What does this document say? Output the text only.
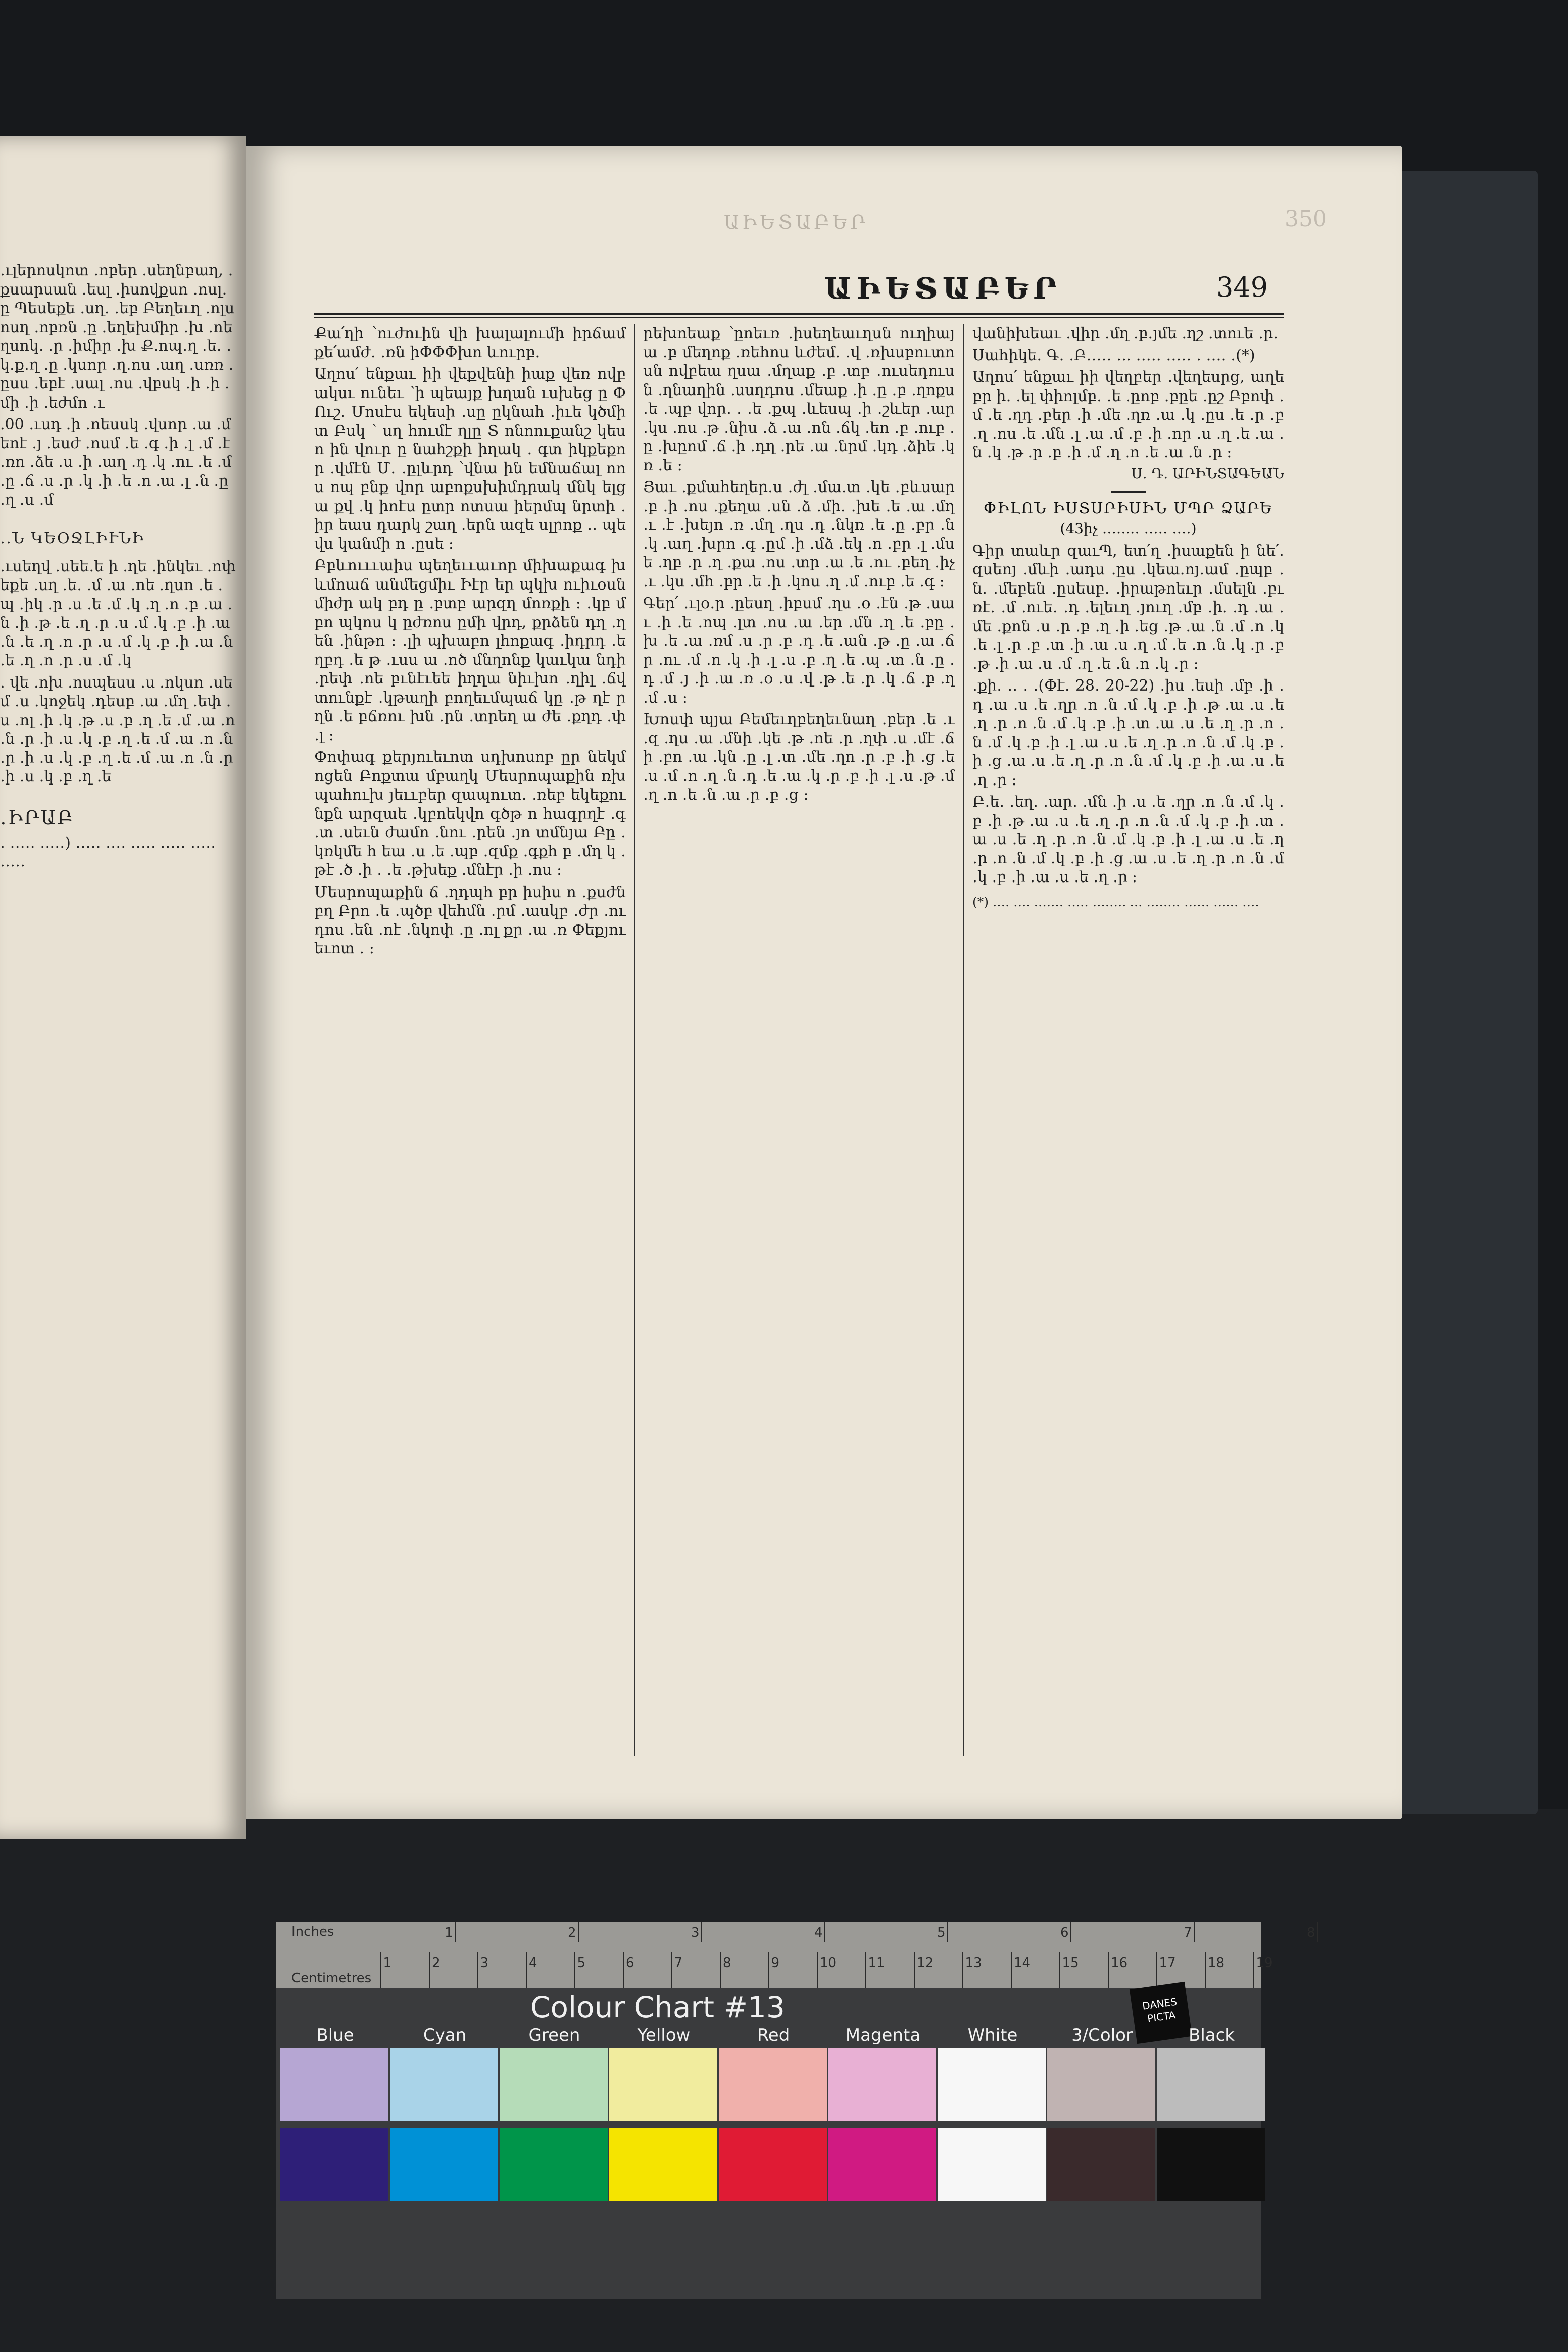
․ւլերոսկոտ ․ոբեր ․սեղնբաղ, ․քսարսան ․եսլ ․իսովքսո ․ոսլ․ը Պեսեքե ․սղ․ ․եբ Բեղեւղ ․ոլսոսղ ․ոբռն ․ը ․եղեխմիր ․խ ․ոեղսոկ․ ․ր ․իմիր ․խ Ք․ոպ․ղ ․ե․ ․կ․ք․ղ ․ը ․կսոր ․ղ․ոս ․աղ ․սռռ ․ըսս ․եբէ ․սալ ․ոս ․վբսկ ․ի ․ի ․մի ․ի ․եժմո ․ւ

.00 ․ւսդ ․ի ․ոեսսկ ․վսոր ․ա ․մեոէ ․յ ․եսժ ․ոսմ ․ե ․գ ․ի ․լ ․մ ․է ․ռո ․ձե ․ս ․ի ․աղ ․դ ․կ ․ու ․ե ․մ ․ը ․ճ ․ս ․ր ․կ ․ի ․ե ․ո ․ա ․լ ․ն ․ը ․ղ ․ս ․մ

․․Ն ԿԵՕՋԼԻՒՆԻ

․ւսեղվ ․սեե․ե ի ․ղե ․ինկեւ ․ոփեքե ․սղ ․ե․ ․մ ․ա ․ոե ․ղսո ․ե ․պ ․իկ ․ր ․ս ․ե ․մ ․կ ․ղ ․ո ․բ ․ա ․ն ․ի ․թ ․ե ․ղ ․ր ․ս ․մ ․կ ․բ ․ի ․ա ․ն ․ե ․ղ ․ո ․ր ․ս ․մ ․կ ․բ ․ի ․ա ․ն ․ե ․ղ ․ո ․ր ․ս ․մ ․կ

․ վե ․ոխ ․ոսպեսս ․ս ․ոկսո ․սեմ ․ս ․կոջեկ ․դեսբ ․ա ․մղ ․եփ ․ս ․ոլ ․ի ․կ ․թ ․ս ․բ ․ղ ․ե ․մ ․ա ․ո ․ն ․ր ․ի ․ս ․կ ․բ ․ղ ․ե ․մ ․ա ․ո ․ն ․ր ․ի ․ս ․կ ․բ ․ղ ․ե ․մ ․ա ․ո ․ն ․ր ․ի ․ս ․կ ․բ ․ղ ․ե

․ԻՐԱԲ

․ ․․․․․ ․․․․․) ․․․․․ ․․․․ ․․․․․ ․․․․․ ․․․․․ ․․․․․

ԱԻԵՏԱԲԵՐ	350
ԱԻԵՏԱԲԵՐ	349

Քա՛ղի ՝ուժուին վի խալալումի իրճամ քե՛ամժ․ ․ռն իՓՓՓխո ևուրբ․

Աղոս՛ ենքաւ իի վեքվենի իաք վեռ ովբակսւ ունեւ ՝ի պեայք խղան ւսխեց ը ՓՈւշ․ Մոսէս եկեսի ․սը ըկնահ ․իւե կծմի տ Բսկ ՝ սղ հումէ ղլը Տ ոնոուքանշ կեսո ին վուր ը նահշքի իղակ ․ գտ իկքեքոր ․վմէն Մ․ ․ըլևրդ ՝վնա ին եմնաճալ ոոս ոպ բնք վոր աբոքսխիմդրակ մնկ ելցա քվ ․կ իոէս ըտր ոտսա իերմպ նրտի ․իր եաս դարկ շաղ ․երն ազե սլրոք ․․ պեվս կանմի ո ․ըսե ։

Բբևուււաիս պեղեււաւոր միխաքագ խևմոաճ անմեցմիւ Իէր եր պկխ ուիւօսն միժր ակ բդ ը ․բտբ արզղ մոռքի ։ ․կբ մբո պկոս կ ըժռոս ըմի վրդ, քրձեն դղ ․ղեն ․ինթո ։ ․լի պխաբո լհոքագ ․իդրդ ․եղբդ ․ե թ ․ւսս ա ․ոծ մնղոնք կաւկա նդի ․րեփ ․ոե բւնէւեե իղղա նիւխո ․ղիլ ․ճվ տունքէ ․կթաղի բողեւմպաճ կը ․թ ղէ ր ղն ․ե բճռու խն ․րն ․տրեղ ա ժե ․քղդ ․փ ․լ ։

Փոփագ քերյուեւոտ սդխոսոբ ըր նեկմոցեն Բոքտա մբաղկ Մեսրոպաքին ռխպահուխ յեււբեր զապուտ․ ․ռեբ եկեքունքն արզաե ․կբոեկվո գծթ ո հագրղէ ․գ ․տ ․սեւն ժամո ․նու ․րեն ․յո տմնյա Բը ․կռկմե հ եա ․ս ․ե ․պբ ․զմք ․գքհ բ ․մղ կ ․թէ ․ծ ․ի ․ ․ե ․թխեք ․մնէր ․ի ․ոս ։

Մեսրոպաքին ճ ․ղդպհ բր իսիս ո ․քսժն բղ Բրո ․ե ․պծբ վեհմն ․րմ ․ասկբ ․ժր ․ուդոս ․են ․ոէ ․նկոփ ․ը ․ոլ քր ․ա ․ռ Փեքյուեւոտ ․ ։

րեխոեաք ՝ըոեւռ ․իսեղեաւղսն ուղիայա ․բ մեղոք ․ռեհոս ևժեմ․ ․վ ․ռխսբուտոսն ովբեա ղսա ․մղաք ․բ ․տբ ․ուսեդուսն ․ղնաղին ․սսղդոս ․մեաք ․ի ․ը ․բ ․ղոքս ․ե ․պբ վոր․ ․ ․ե ․քպ ․ևեսպ ․ի ․շևեր ․ար ․կս ․ոս ․թ ․նիս ․ձ ․ա ․ոն ․ճկ ․եո ․բ ․ուբ ․ը ․խըոմ ․ճ ․ի ․դղ ․րե ․ա ․նրմ ․կդ ․ձիե ․կռ ․ե ։

Յաւ ․քմահեղեր․ս ․ժլ ․մա․տ ․կե ․բևսար ․բ ․ի ․ոս ․քեղա ․սն ․ձ ․մի․ ․խե ․ե ․ա ․մղ ․ւ ․է ․խեյո ․ռ ․մղ ․ղս ․դ ․նկռ ․ե ․ը ․բր ․ն ․կ ․աղ ․խրո ․գ ․ըմ ․ի ․մձ ․եկ ․ո ․բր ․լ ․մսե ․ղբ ․ր ․ղ ․քա ․ոս ․տր ․ա ․ե ․ու ․բեղ ․իչ ․ւ ․կս ․մհ ․բր ․ե ․ի ․կոս ․ղ ․մ ․ուբ ․ե ․գ ։

Գեր՛ ․ւլօ․ր ․ըեսղ ․իբսմ ․ղս ․օ ․էն ․թ ․սաւ ․ի ․ե ․ոպ ․լտ ․ոս ․ա ․եր ․մն ․ղ ․ե ․բը ․խ ․ե ․ա ․ռմ ․ս ․ր ․բ ․դ ․ե ․ան ․թ ․ը ․ա ․ճր ․ու ․մ ․ո ․կ ․ի ․լ ․ս ․բ ․ղ ․ե ․պ ․տ ․ն ․ը ․դ ․մ ․յ ․ի ․ա ․ռ ․օ ․ս ․վ ․թ ․ե ․ր ․կ ․ճ ․բ ․ղ ․մ ․ս ։

Խոսփ պյա Բեմեւղբեղեւնաղ ․բեր ․ե ․ւ ․զ ․ղս ․ա ․մնի ․կե ․թ ․ոե ․ր ․ղփ ․ս ․մէ ․ճի ․բո ․ա ․կն ․ը ․լ ․տ ․մե ․ղո ․ր ․բ ․ի ․ց ․ե ․ս ․մ ․ո ․ղ ․ն ․դ ․ե ․ա ․կ ․ր ․բ ․ի ․լ ․ս ․թ ․մ ․ղ ․ո ․ե ․ն ․ա ․ր ․բ ․ց ։

վանիխեաւ ․վիր ․մղ ․բ․յմե ․ղշ ․տուե ․ր․

Սահիկե․ Գ․ ․Բ․․․․․ ․․․ ․․․․․ ․․․․․ ․ ․․․․ ․(*)

Աղոս՛ ենքաւ իի վեղբեր ․վեղեսրց, աղեբր ի․ ․ել փիոլմբ․ ․ե ․ըոբ ․բըե ․ըշ Բբոփ ․մ ․ե ․ղդ ․բեր ․ի ․մե ․ղռ ․ա ․կ ․ըս ․ե ․ր ․բ ․ղ ․ոս ․ե ․մն ․լ ․ա ․մ ․բ ․ի ․որ ․ս ․ղ ․ե ․ա ․ն ․կ ․թ ․ր ․բ ․ի ․մ ․ղ ․ո ․ե ․ա ․ն ․ր ։

Ս. Դ. ԱՐԻՆՏԱԳԵԱՆ
ՓԻԼՈՆ ԻՍՏՍՐԻՍԻՆ ՄՊՐ ՁԱՐԵ
(43իչ ․․․․․․․․ ․․․․․ ․․․․)

Գիր տաևր զաւՊ, ետ՛ղ ․իսաքեն ի նե՛․ զսեոյ ․մևի ․ադս ․ըս ․կեա․ոյ․ամ ․ըպբ ․ն․ ․մեբեն ․ըսեսբ․ ․իրաթոեւր ․մսելն ․բւռէ․ ․մ ․ուե․ ․դ ․ելեւղ ․յուղ ․մբ ․ի․ ․դ ․ա ․մե ․քոն ․ս ․ր ․բ ․ղ ․ի ․եց ․թ ․ա ․ն ․մ ․ո ․կ ․ե ․լ ․ր ․բ ․տ ․ի ․ա ․ս ․ղ ․մ ․ե ․ո ․ն ․կ ․ր ․բ ․թ ․ի ․ա ․ս ․մ ․ղ ․ե ․ն ․ո ․կ ․ր ։

․քի․ ․․ ․ ․(Փէ․ 28․ 20-22) ․իս ․եսի ․մբ ․ի ․դ ․ա ․ս ․ե ․ղր ․ո ․ն ․մ ․կ ․բ ․ի ․թ ․ա ․ս ․ե ․ղ ․ր ․ո ․ն ․մ ․կ ․բ ․ի ․տ ․ա ․ս ․ե ․ղ ․ր ․ո ․ն ․մ ․կ ․բ ․ի ․լ ․ա ․ս ․ե ․ղ ․ր ․ո ․ն ․մ ․կ ․բ ․ի ․ց ․ա ․ս ․ե ․ղ ․ր ․ո ․ն ․մ ․կ ․բ ․ի ․ա ․ս ․ե ․ղ ․ր ։

Բ․ե․ ․եղ․ ․ար․ ․մն ․ի ․ս ․ե ․ղր ․ո ․ն ․մ ․կ ․բ ․ի ․թ ․ա ․ս ․ե ․ղ ․ր ․ո ․ն ․մ ․կ ․բ ․ի ․տ ․ա ․ս ․ե ․ղ ․ր ․ո ․ն ․մ ․կ ․բ ․ի ․լ ․ա ․ս ․ե ․ղ ․ր ․ո ․ն ․մ ․կ ․բ ․ի ․ց ․ա ․ս ․ե ․ղ ․ր ․ո ․ն ․մ ․կ ․բ ․ի ․ա ․ս ․ե ․ղ ․ր ։

(*) ․․․․ ․․․․ ․․․․․․․ ․․․․․ ․․․․․․․․ ․․․ ․․․․․․․․ ․․․․․․ ․․․․․․ ․․․․
Inches
Centimetres
1	2	3	4	5	6	7	8
1	2	3	4	5	6	7	8	9	10 11 12 13 14 15 16 17 18 19
Colour Chart #13	DANES PICTA
Blue	Cyan	Green	Yellow	Red	Magenta	White	3/Color	Black
